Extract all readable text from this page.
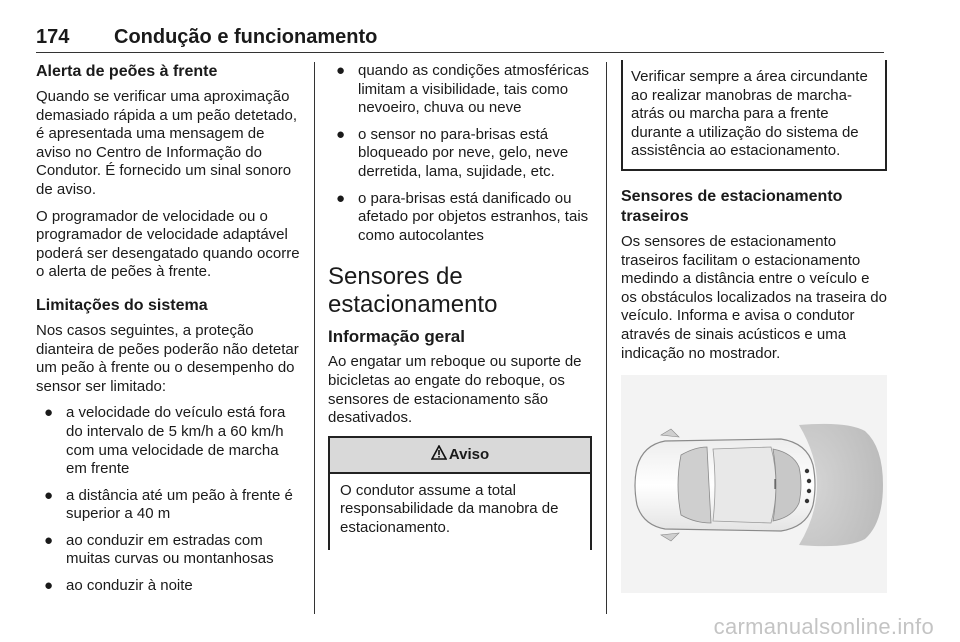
174 Condução e funcionamento
Alerta de peões à frente

Quando se verificar uma aproximação demasiado rápida a um peão detetado, é apresentada uma mensagem de aviso no Centro de Informação do Condutor. É fornecido um sinal sonoro de aviso.

O programador de velocidade ou o programador de velocidade adaptável poderá ser desengatado quando ocorre o alerta de peões à frente.

Limitações do sistema

Nos casos seguintes, a proteção dianteira de peões poderão não detetar um peão à frente ou o desempenho do sensor ser limitado:

● a velocidade do veículo está fora do intervalo de 5 km/h a 60 km/h com uma velocidade de marcha em frente
● a distância até um peão à frente é superior a 40 m
● ao conduzir em estradas com muitas curvas ou montanhosas
● ao conduzir à noite
● quando as condições atmosféricas limitam a visibilidade, tais como nevoeiro, chuva ou neve
● o sensor no para-brisas está bloqueado por neve, gelo, neve derretida, lama, sujidade, etc.
● o para-brisas está danificado ou afetado por objetos estranhos, tais como autocolantes
Sensores de estacionamento
Informação geral

Ao engatar um reboque ou suporte de bicicletas ao engate do reboque, os sensores de estacionamento são desativados.

Aviso

O condutor assume a total responsabilidade da manobra de estacionamento.

Verificar sempre a área circundante ao realizar manobras de marcha-atrás ou marcha para a frente durante a utilização do sistema de assistência ao estacionamento.

Sensores de estacionamento traseiros

Os sensores de estacionamento traseiros facilitam o estacionamento medindo a distância entre o veículo e os obstáculos localizados na traseira do veículo. Informa e avisa o condutor através de sinais acústicos e uma indicação no mostrador.

carmanualsonline.info
